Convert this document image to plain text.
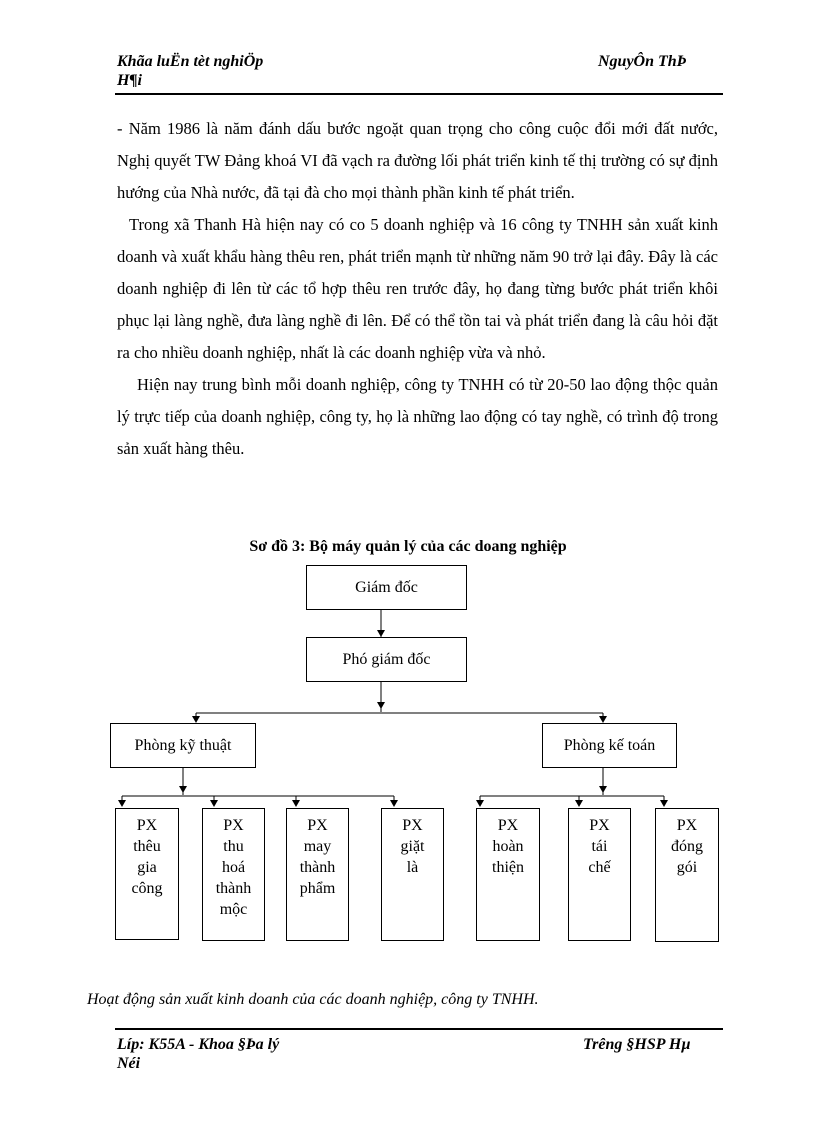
Khãa luËn tèt nghiÖp
H¶i
NguyÔn ThÞ

- Năm 1986 là năm đánh dấu bước ngoặt quan trọng cho công cuộc đổi mới đất nước, Nghị quyết TW Đảng khoá VI đã vạch ra đường lối phát triển kinh tế thị trường có sự định hướng của Nhà nước, đã tại đà cho mọi thành phần kinh tế phát triển.

Trong xã Thanh Hà hiện nay có co 5 doanh nghiệp và 16 công ty TNHH sản xuất kinh doanh và xuất khẩu hàng thêu ren, phát triển mạnh từ những năm 90 trở lại đây. Đây là các doanh nghiệp đi lên từ các tổ hợp thêu ren trước đây, họ đang từng bước phát triển khôi phục lại làng nghề, đưa làng nghề đi lên. Để có thể tồn tai và phát triển đang là câu hỏi đặt ra cho nhiều doanh nghiệp, nhất là các doanh nghiệp vừa và nhỏ.

Hiện nay trung bình mỗi doanh nghiệp, công ty TNHH có từ 20-50 lao động thộc quản lý trực tiếp của doanh nghiệp, công ty, họ là những lao động có tay nghề, có trình độ trong sản xuất hàng thêu.

Sơ đồ 3: Bộ máy quản lý của các doang nghiệp
Giám đốc
Phó giám đốc
Phòng kỹ thuật	Phòng kế toán
PX
thêu
gia
công
PX
thu
hoá
thành
mộc
PX
may
thành
phẩm
PX
giặt
là
PX
hoàn
thiện
PX
tái
chế
PX
đóng
gói
Hoạt động sản xuất kinh doanh của các doanh nghiệp, công ty TNHH.
Líp: K55A - Khoa §Þa lý
Néi
Trêng §HSP Hµ
